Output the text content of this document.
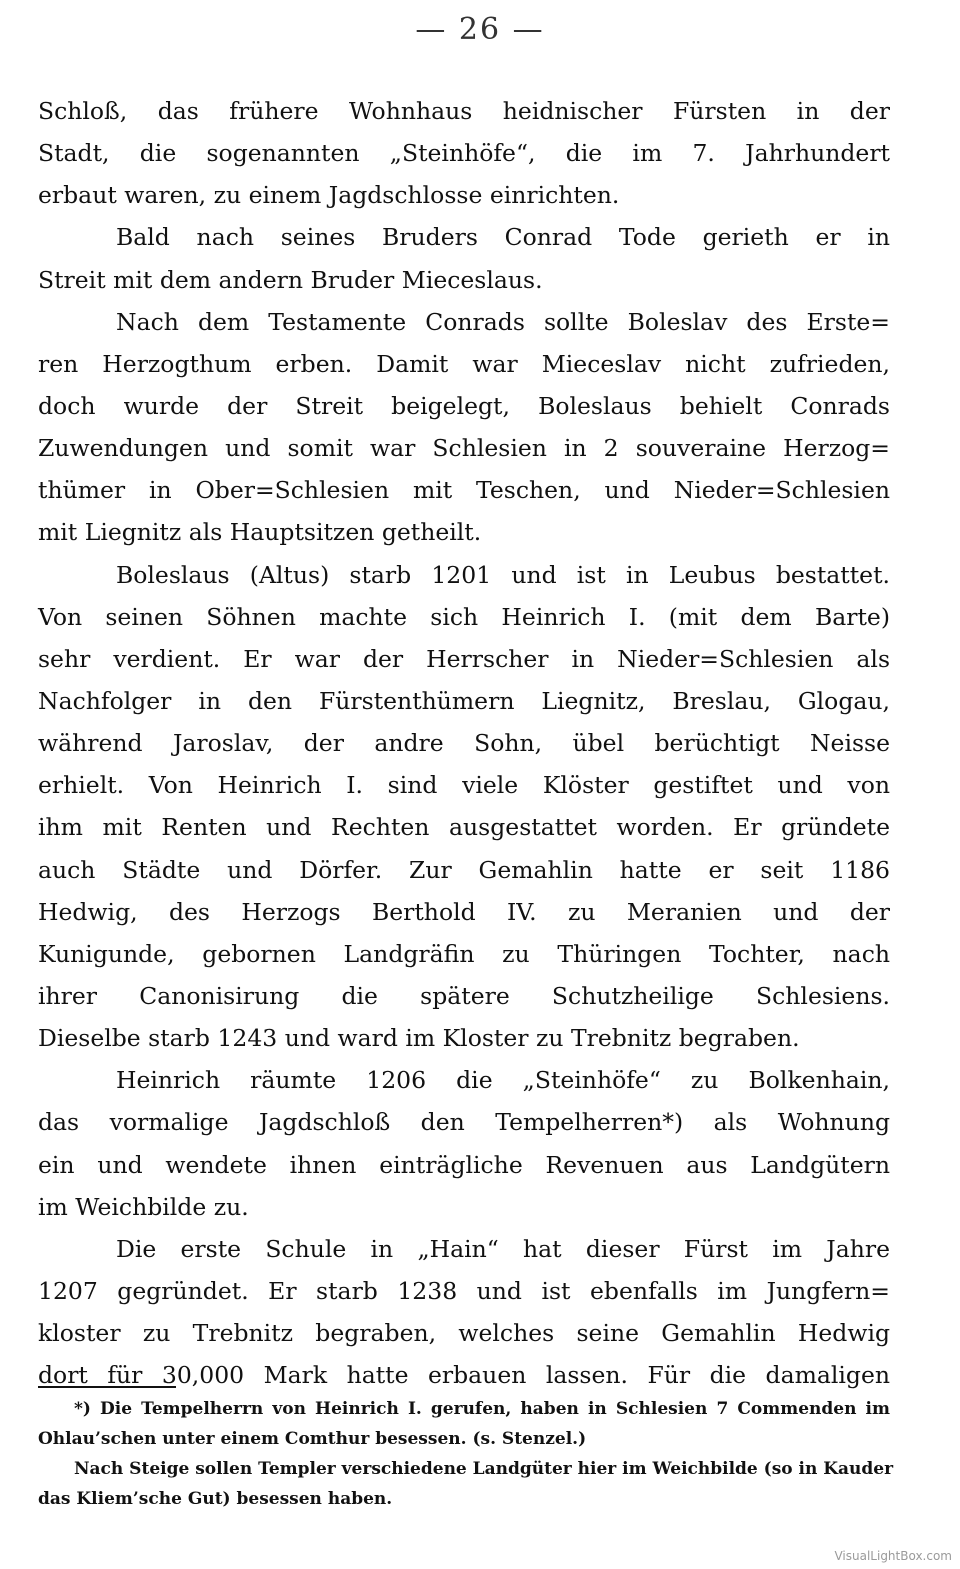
— 26 —
Schloß, das frühere Wohnhaus heidnischer Fürsten in der
Stadt, die sogenannten „Steinhöfe“, die im 7. Jahrhundert
erbaut waren, zu einem Jagdschlosse einrichten.
Bald nach seines Bruders Conrad Tode gerieth er in
Streit mit dem andern Bruder Mieceslaus.
Nach dem Testamente Conrads sollte Boleslav des Erste=
ren Herzogthum erben. Damit war Mieceslav nicht zufrieden,
doch wurde der Streit beigelegt, Boleslaus behielt Conrads
Zuwendungen und somit war Schlesien in 2 souveraine Herzog=
thümer in Ober=Schlesien mit Teschen, und Nieder=Schlesien
mit Liegnitz als Hauptsitzen getheilt.
Boleslaus (Altus) starb 1201 und ist in Leubus bestattet.
Von seinen Söhnen machte sich Heinrich I. (mit dem Barte)
sehr verdient. Er war der Herrscher in Nieder=Schlesien als
Nachfolger in den Fürstenthümern Liegnitz, Breslau, Glogau,
während Jaroslav, der andre Sohn, übel berüchtigt Neisse
erhielt. Von Heinrich I. sind viele Klöster gestiftet und von
ihm mit Renten und Rechten ausgestattet worden. Er gründete
auch Städte und Dörfer. Zur Gemahlin hatte er seit 1186
Hedwig, des Herzogs Berthold IV. zu Meranien und der
Kunigunde, gebornen Landgräfin zu Thüringen Tochter, nach
ihrer Canonisirung die spätere Schutzheilige Schlesiens.
Dieselbe starb 1243 und ward im Kloster zu Trebnitz begraben.
Heinrich räumte 1206 die „Steinhöfe“ zu Bolkenhain,
das vormalige Jagdschloß den Tempelherren*) als Wohnung
ein und wendete ihnen einträgliche Revenuen aus Landgütern
im Weichbilde zu.
Die erste Schule in „Hain“ hat dieser Fürst im Jahre
1207 gegründet. Er starb 1238 und ist ebenfalls im Jungfern=
kloster zu Trebnitz begraben, welches seine Gemahlin Hedwig
dort für 30,000 Mark hatte erbauen lassen. Für die damaligen
*) Die Tempelherrn von Heinrich I. gerufen, haben in Schlesien 7 Commenden im
Ohlau’schen unter einem Comthur besessen. (s. Stenzel.)
Nach Steige sollen Templer verschiedene Landgüter hier im Weichbilde (so in Kauder
das Kliem’sche Gut) besessen haben.
VisualLightBox.com
